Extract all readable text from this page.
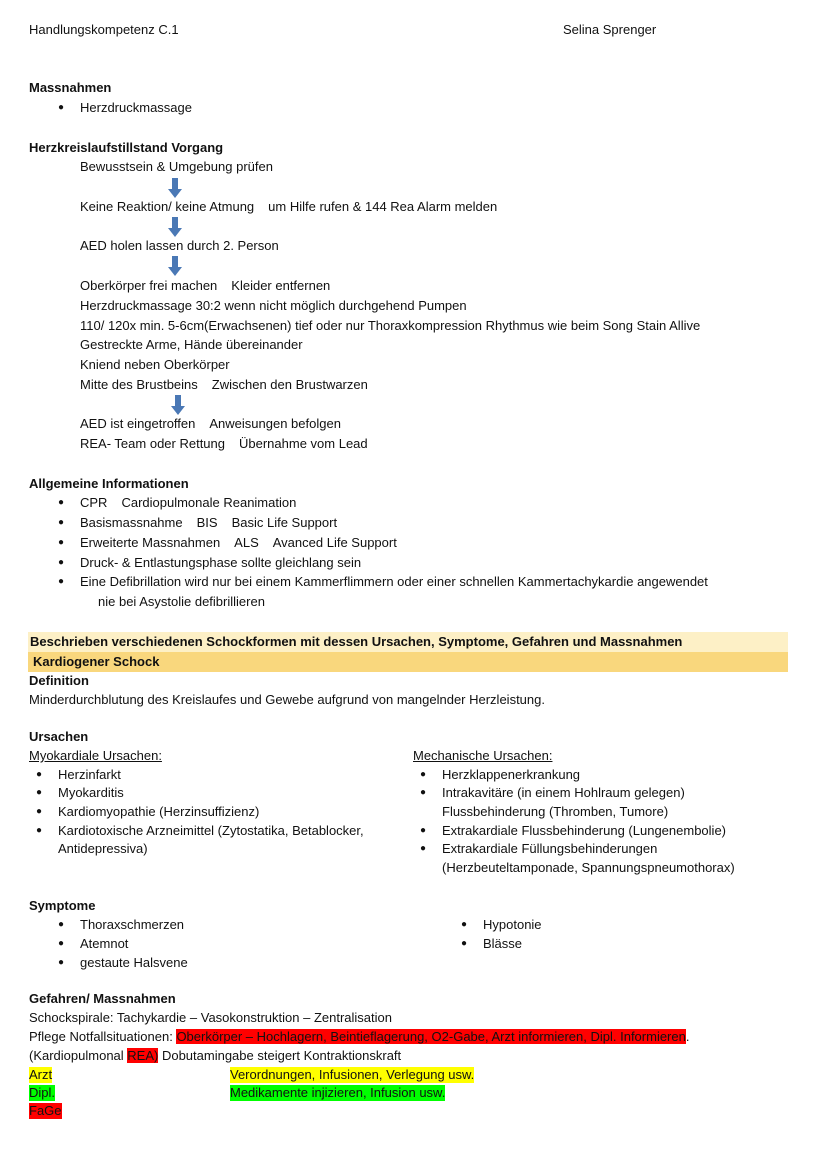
Handlungskompetenz C.1	Selina Sprenger
Massnahmen
● Herzdruckmassage
Herzkreislaufstillstand Vorgang
Bewusstsein & Umgebung prüfen
Keine Reaktion/ keine Atmung um Hilfe rufen & 144 Rea Alarm melden
AED holen lassen durch 2. Person
Oberkörper frei machen Kleider entfernen
Herzdruckmassage 30:2 wenn nicht möglich durchgehend Pumpen
110/ 120x min. 5-6cm(Erwachsenen) tief oder nur Thoraxkompression Rhythmus wie beim Song Stain Allive
Gestreckte Arme, Hände übereinander
Kniend neben Oberkörper
Mitte des Brustbeins Zwischen den Brustwarzen
AED ist eingetroffen Anweisungen befolgen
REA- Team oder Rettung Übernahme vom Lead
Allgemeine Informationen
● CPR Cardiopulmonale Reanimation
● Basismassnahme BIS Basic Life Support
● Erweiterte Massnahmen ALS Avanced Life Support
● Druck- & Entlastungsphase sollte gleichlang sein
● Eine Defibrillation wird nur bei einem Kammerflimmern oder einer schnellen Kammertachykardie angewendet
nie bei Asystolie defibrillieren
Beschrieben verschiedenen Schockformen mit dessen Ursachen, Symptome, Gefahren und Massnahmen
Kardiogener Schock
Definition
Minderdurchblutung des Kreislaufes und Gewebe aufgrund von mangelnder Herzleistung.
Ursachen
Myokardiale Ursachen:
● Herzinfarkt
● Myokarditis
● Kardiomyopathie (Herzinsuffizienz)
● Kardiotoxische Arzneimittel (Zytostatika, Betablocker,
Antidepressiva)
Mechanische Ursachen:
● Herzklappenerkrankung
● Intrakavitäre (in einem Hohlraum gelegen)
Flussbehinderung (Thromben, Tumore)
● Extrakardiale Flussbehinderung (Lungenembolie)
● Extrakardiale Füllungsbehinderungen
(Herzbeuteltamponade, Spannungspneumothorax)
Symptome
● Thoraxschmerzen
● Atemnot
● gestaute Halsvene
● Hypotonie
● Blässe
Gefahren/ Massnahmen
Schockspirale: Tachykardie – Vasokonstruktion – Zentralisation
Pflege Notfallsituationen: Oberkörper – Hochlagern, Beintieflagerung, O2-Gabe, Arzt informieren, Dipl. Informieren.
(Kardiopulmonal REA) Dobutamingabe steigert Kontraktionskraft
Arzt	Verordnungen, Infusionen, Verlegung usw.
Dipl.	Medikamente injizieren, Infusion usw.
FaGe
